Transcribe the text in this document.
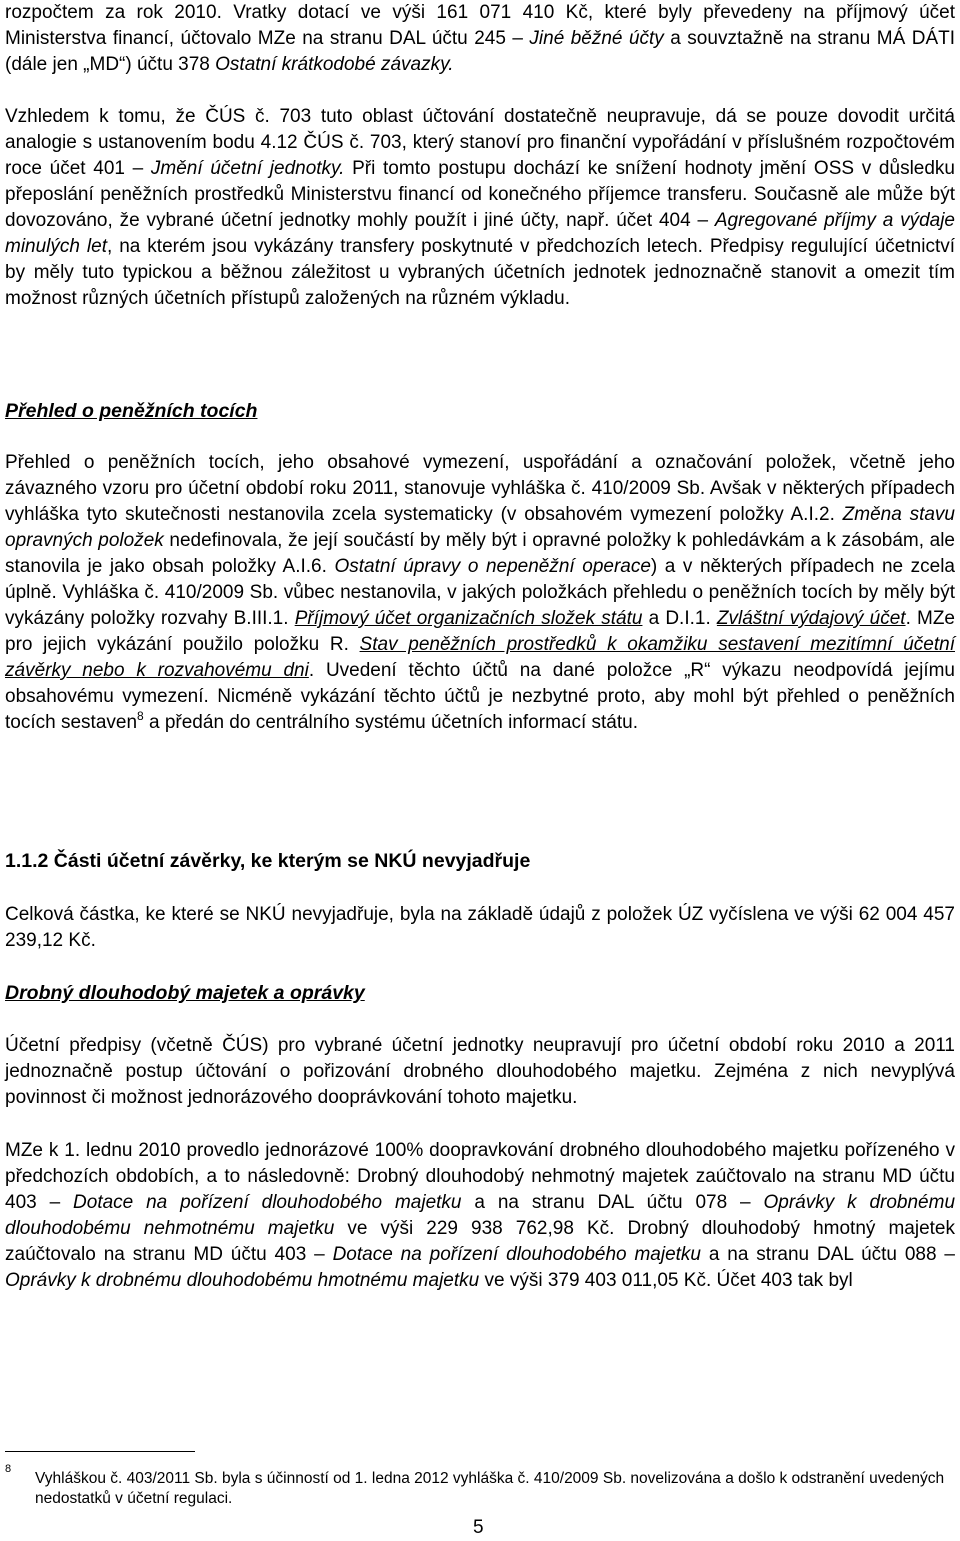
rozpočtem za rok 2010. Vratky dotací ve výši 161 071 410 Kč, které byly převedeny na příjmový účet Ministerstva financí, účtovalo MZe na stranu DAL účtu 245 – Jiné běžné účty a souvztažně na stranu MÁ DÁTI (dále jen „MD“) účtu 378 Ostatní krátkodobé závazky.

Vzhledem k tomu, že ČÚS č. 703 tuto oblast účtování dostatečně neupravuje, dá se pouze dovodit určitá analogie s ustanovením bodu 4.12 ČÚS č. 703, který stanoví pro finanční vypořádání v příslušném rozpočtovém roce účet 401 – Jmění účetní jednotky. Při tomto postupu dochází ke snížení hodnoty jmění OSS v důsledku přeposlání peněžních prostředků Ministerstvu financí od konečného příjemce transferu. Současně ale může být dovozováno, že vybrané účetní jednotky mohly použít i jiné účty, např. účet 404 – Agregované příjmy a výdaje minulých let, na kterém jsou vykázány transfery poskytnuté v předchozích letech. Předpisy regulující účetnictví by měly tuto typickou a běžnou záležitost u vybraných účetních jednotek jednoznačně stanovit a omezit tím možnost různých účetních přístupů založených na různém výkladu.

Přehled o peněžních tocích

Přehled o peněžních tocích, jeho obsahové vymezení, uspořádání a označování položek, včetně jeho závazného vzoru pro účetní období roku 2011, stanovuje vyhláška č. 410/2009 Sb. Avšak v některých případech vyhláška tyto skutečnosti nestanovila zcela systematicky (v obsahovém vymezení položky A.I.2. Změna stavu opravných položek nedefinovala, že její součástí by měly být i opravné položky k pohledávkám a k zásobám, ale stanovila je jako obsah položky A.I.6. Ostatní úpravy o nepeněžní operace) a v některých případech ne zcela úplně. Vyhláška č. 410/2009 Sb. vůbec nestanovila, v jakých položkách přehledu o peněžních tocích by měly být vykázány položky rozvahy B.III.1. Příjmový účet organizačních složek státu a D.I.1. Zvláštní výdajový účet. MZe pro jejich vykázání použilo položku R. Stav peněžních prostředků k okamžiku sestavení mezitímní účetní závěrky nebo k rozvahovému dni. Uvedení těchto účtů na dané položce „R“ výkazu neodpovídá jejímu obsahovému vymezení. Nicméně vykázání těchto účtů je nezbytné proto, aby mohl být přehled o peněžních tocích sestaven$^8$ a předán do centrálního systému účetních informací státu.

1.1.2 Části účetní závěrky, ke kterým se NKÚ nevyjadřuje

Celková částka, ke které se NKÚ nevyjadřuje, byla na základě údajů z položek ÚZ vyčíslena ve výši 62 004 457 239,12 Kč.

Drobný dlouhodobý majetek a oprávky

Účetní předpisy (včetně ČÚS) pro vybrané účetní jednotky neupravují pro účetní období roku 2010 a 2011 jednoznačně postup účtování o pořizování drobného dlouhodobého majetku. Zejména z nich nevyplývá povinnost či možnost jednorázového dooprávkování tohoto majetku.

MZe k 1. lednu 2010 provedlo jednorázové 100% doopravkování drobného dlouhodobého majetku pořízeného v předchozích obdobích, a to následovně: Drobný dlouhodobý nehmotný majetek zaúčtovalo na stranu MD účtu 403 – Dotace na pořízení dlouhodobého majetku a na stranu DAL účtu 078 – Oprávky k drobnému dlouhodobému nehmotnému majetku ve výši 229 938 762,98 Kč. Drobný dlouhodobý hmotný majetek zaúčtovalo na stranu MD účtu 403 – Dotace na pořízení dlouhodobého majetku a na stranu DAL účtu 088 – Oprávky k drobnému dlouhodobému hmotnému majetku ve výši 379 403 011,05 Kč. Účet 403 tak byl

8

Vyhláškou č. 403/2011 Sb. byla s účinností od 1. ledna 2012 vyhláška č. 410/2009 Sb. novelizována a došlo k odstranění uvedených nedostatků v účetní regulaci.

5
